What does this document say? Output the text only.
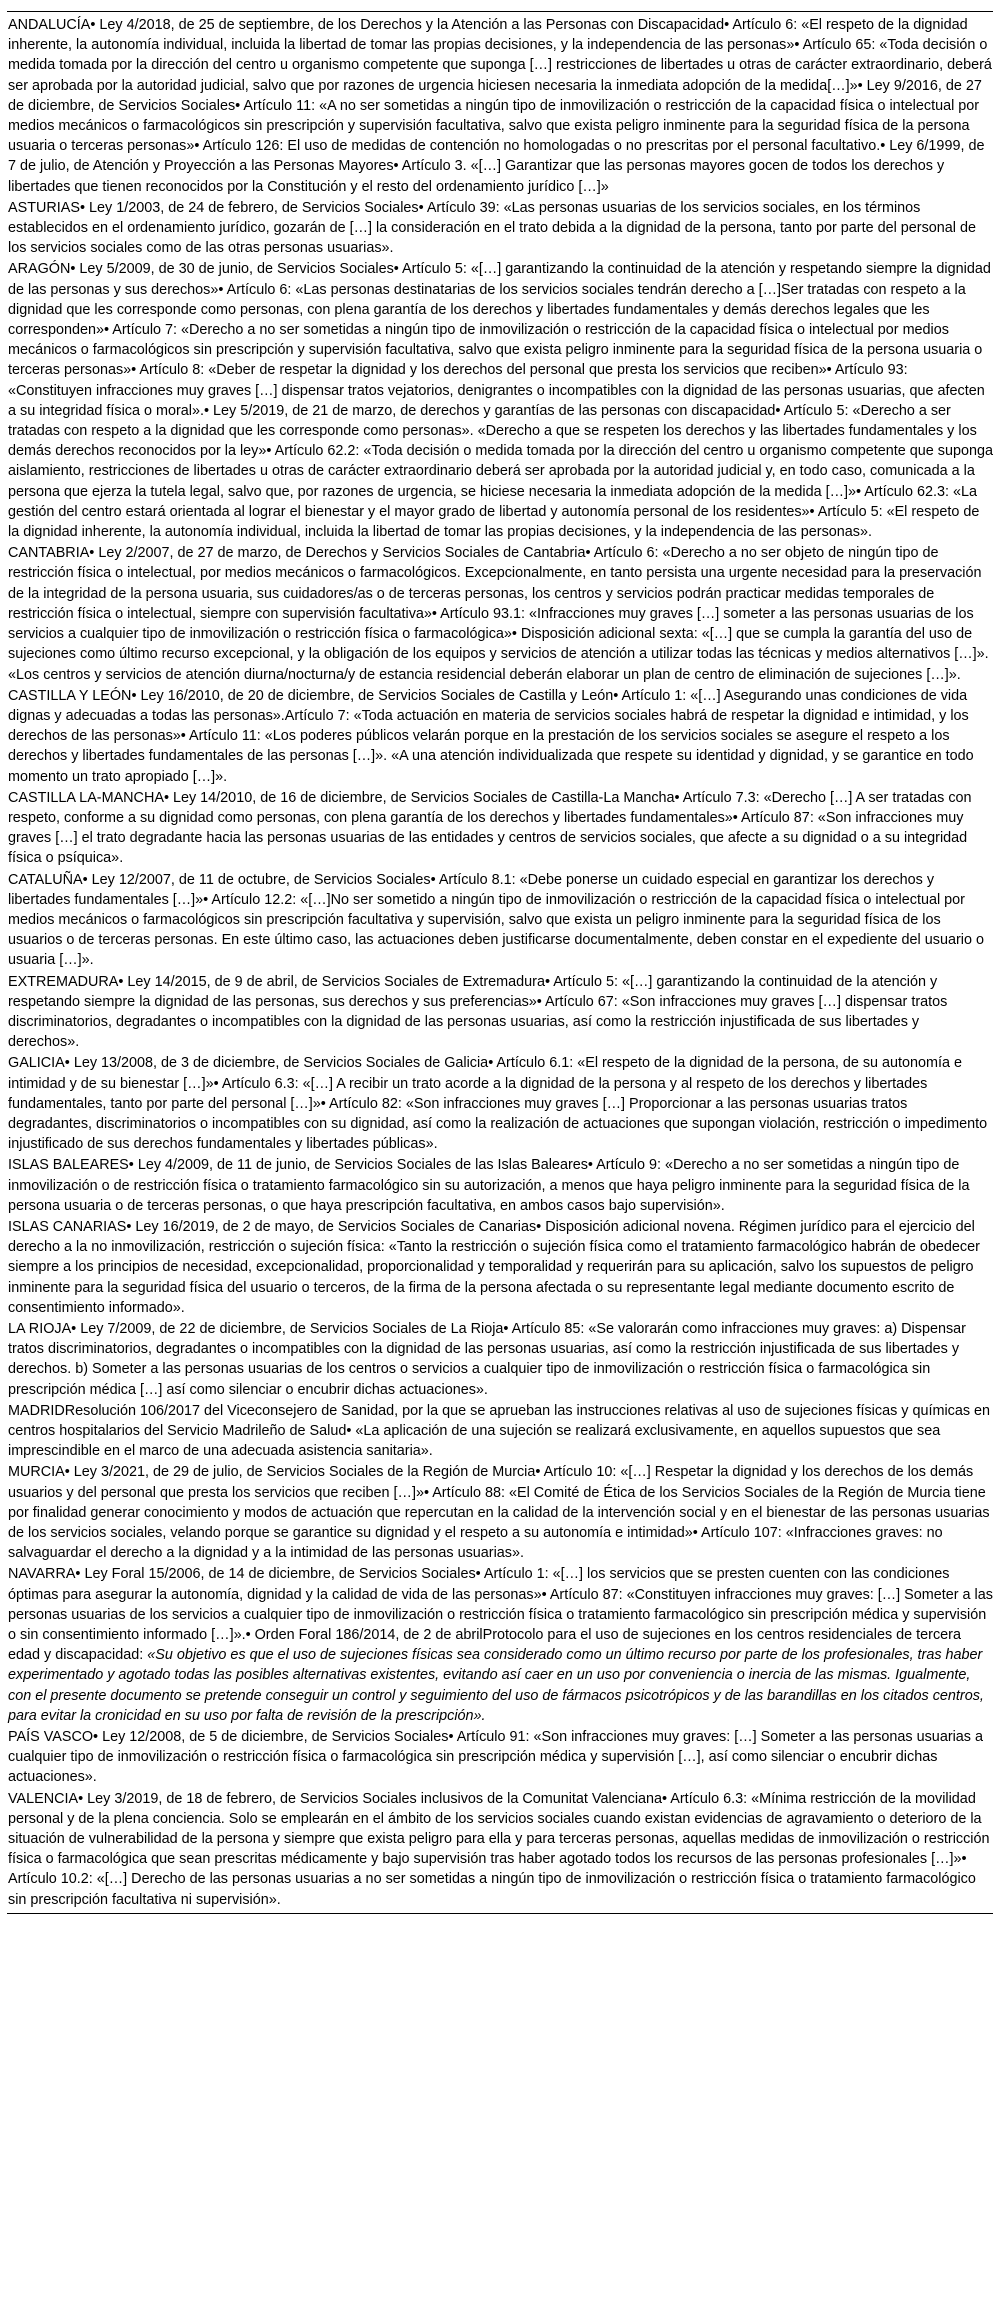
ANDALUCÍA• Ley 4/2018, de 25 de septiembre, de los Derechos y la Atención a las Personas con Discapacidad• Artículo 6: «El respeto de la dignidad inherente, la autonomía individual, incluida la libertad de tomar las propias decisiones, y la independencia de las personas»• Artículo 65: «Toda decisión o medida tomada por la dirección del centro u organismo competente que suponga […] restricciones de libertades u otras de carácter extraordinario, deberá ser aprobada por la autoridad judicial, salvo que por razones de urgencia hiciesen necesaria la inmediata adopción de la medida[…]»• Ley 9/2016, de 27 de diciembre, de Servicios Sociales• Artículo 11: «A no ser sometidas a ningún tipo de inmovilización o restricción de la capacidad física o intelectual por medios mecánicos o farmacológicos sin prescripción y supervisión facultativa, salvo que exista peligro inminente para la seguridad física de la persona usuaria o terceras personas»• Artículo 126: El uso de medidas de contención no homologadas o no prescritas por el personal facultativo.• Ley 6/1999, de 7 de julio, de Atención y Proyección a las Personas Mayores• Artículo 3. «[…] Garantizar que las personas mayores gocen de todos los derechos y libertades que tienen reconocidos por la Constitución y el resto del ordenamiento jurídico […]»

ASTURIAS• Ley 1/2003, de 24 de febrero, de Servicios Sociales• Artículo 39: «Las personas usuarias de los servicios sociales, en los términos establecidos en el ordenamiento jurídico, gozarán de […] la consideración en el trato debida a la dignidad de la persona, tanto por parte del personal de los servicios sociales como de las otras personas usuarias».

ARAGÓN• Ley 5/2009, de 30 de junio, de Servicios Sociales• Artículo 5: «[…] garantizando la continuidad de la atención y respetando siempre la dignidad de las personas y sus derechos»• Artículo 6: «Las personas destinatarias de los servicios sociales tendrán derecho a […]Ser tratadas con respeto a la dignidad que les corresponde como personas, con plena garantía de los derechos y libertades fundamentales y demás derechos legales que les corresponden»• Artículo 7: «Derecho a no ser sometidas a ningún tipo de inmovilización o restricción de la capacidad física o intelectual por medios mecánicos o farmacológicos sin prescripción y supervisión facultativa, salvo que exista peligro inminente para la seguridad física de la persona usuaria o terceras personas»• Artículo 8: «Deber de respetar la dignidad y los derechos del personal que presta los servicios que reciben»• Artículo 93: «Constituyen infracciones muy graves […] dispensar tratos vejatorios, denigrantes o incompatibles con la dignidad de las personas usuarias, que afecten a su integridad física o moral».• Ley 5/2019, de 21 de marzo, de derechos y garantías de las personas con discapacidad• Artículo 5: «Derecho a ser tratadas con respeto a la dignidad que les corresponde como personas». «Derecho a que se respeten los derechos y las libertades fundamentales y los demás derechos reconocidos por la ley»• Artículo 62.2: «Toda decisión o medida tomada por la dirección del centro u organismo competente que suponga aislamiento, restricciones de libertades u otras de carácter extraordinario deberá ser aprobada por la autoridad judicial y, en todo caso, comunicada a la persona que ejerza la tutela legal, salvo que, por razones de urgencia, se hiciese necesaria la inmediata adopción de la medida […]»• Artículo 62.3: «La gestión del centro estará orientada al lograr el bienestar y el mayor grado de libertad y autonomía personal de los residentes»• Artículo 5: «El respeto de la dignidad inherente, la autonomía individual, incluida la libertad de tomar las propias decisiones, y la independencia de las personas».

CANTABRIA• Ley 2/2007, de 27 de marzo, de Derechos y Servicios Sociales de Cantabria• Artículo 6: «Derecho a no ser objeto de ningún tipo de restricción física o intelectual, por medios mecánicos o farmacológicos. Excepcionalmente, en tanto persista una urgente necesidad para la preservación de la integridad de la persona usuaria, sus cuidadores/as o de terceras personas, los centros y servicios podrán practicar medidas temporales de restricción física o intelectual, siempre con supervisión facultativa»• Artículo 93.1: «Infracciones muy graves […] someter a las personas usuarias de los servicios a cualquier tipo de inmovilización o restricción física o farmacológica»• Disposición adicional sexta: «[…] que se cumpla la garantía del uso de sujeciones como último recurso excepcional, y la obligación de los equipos y servicios de atención a utilizar todas las técnicas y medios alternativos […]». «Los centros y servicios de atención diurna/nocturna/y de estancia residencial deberán elaborar un plan de centro de eliminación de sujeciones […]».

CASTILLA Y LEÓN• Ley 16/2010, de 20 de diciembre, de Servicios Sociales de Castilla y León• Artículo 1: «[…] Asegurando unas condiciones de vida dignas y adecuadas a todas las personas».Artículo 7: «Toda actuación en materia de servicios sociales habrá de respetar la dignidad e intimidad, y los derechos de las personas»• Artículo 11: «Los poderes públicos velarán porque en la prestación de los servicios sociales se asegure el respeto a los derechos y libertades fundamentales de las personas […]». «A una atención individualizada que respete su identidad y dignidad, y se garantice en todo momento un trato apropiado […]».

CASTILLA LA-MANCHA• Ley 14/2010, de 16 de diciembre, de Servicios Sociales de Castilla-La Mancha• Artículo 7.3: «Derecho […] A ser tratadas con respeto, conforme a su dignidad como personas, con plena garantía de los derechos y libertades fundamentales»• Artículo 87: «Son infracciones muy graves […] el trato degradante hacia las personas usuarias de las entidades y centros de servicios sociales, que afecte a su dignidad o a su integridad física o psíquica».

CATALUÑA• Ley 12/2007, de 11 de octubre, de Servicios Sociales• Artículo 8.1: «Debe ponerse un cuidado especial en garantizar los derechos y libertades fundamentales […]»• Artículo 12.2: «[…]No ser sometido a ningún tipo de inmovilización o restricción de la capacidad física o intelectual por medios mecánicos o farmacológicos sin prescripción facultativa y supervisión, salvo que exista un peligro inminente para la seguridad física de los usuarios o de terceras personas. En este último caso, las actuaciones deben justificarse documentalmente, deben constar en el expediente del usuario o usuaria […]».

EXTREMADURA• Ley 14/2015, de 9 de abril, de Servicios Sociales de Extremadura• Artículo 5: «[…] garantizando la continuidad de la atención y respetando siempre la dignidad de las personas, sus derechos y sus preferencias»• Artículo 67: «Son infracciones muy graves […] dispensar tratos discriminatorios, degradantes o incompatibles con la dignidad de las personas usuarias, así como la restricción injustificada de sus libertades y derechos».

GALICIA• Ley 13/2008, de 3 de diciembre, de Servicios Sociales de Galicia• Artículo 6.1: «El respeto de la dignidad de la persona, de su autonomía e intimidad y de su bienestar […]»• Artículo 6.3: «[…] A recibir un trato acorde a la dignidad de la persona y al respeto de los derechos y libertades fundamentales, tanto por parte del personal […]»• Artículo 82: «Son infracciones muy graves […] Proporcionar a las personas usuarias tratos degradantes, discriminatorios o incompatibles con su dignidad, así como la realización de actuaciones que supongan violación, restricción o impedimento injustificado de sus derechos fundamentales y libertades públicas».

ISLAS BALEARES• Ley 4/2009, de 11 de junio, de Servicios Sociales de las Islas Baleares• Artículo 9: «Derecho a no ser sometidas a ningún tipo de inmovilización o de restricción física o tratamiento farmacológico sin su autorización, a menos que haya peligro inminente para la seguridad física de la persona usuaria o de terceras personas, o que haya prescripción facultativa, en ambos casos bajo supervisión».

ISLAS CANARIAS• Ley 16/2019, de 2 de mayo, de Servicios Sociales de Canarias• Disposición adicional novena. Régimen jurídico para el ejercicio del derecho a la no inmovilización, restricción o sujeción física: «Tanto la restricción o sujeción física como el tratamiento farmacológico habrán de obedecer siempre a los principios de necesidad, excepcionalidad, proporcionalidad y temporalidad y requerirán para su aplicación, salvo los supuestos de peligro inminente para la seguridad física del usuario o terceros, de la firma de la persona afectada o su representante legal mediante documento escrito de consentimiento informado».

LA RIOJA• Ley 7/2009, de 22 de diciembre, de Servicios Sociales de La Rioja• Artículo 85: «Se valorarán como infracciones muy graves: a) Dispensar tratos discriminatorios, degradantes o incompatibles con la dignidad de las personas usuarias, así como la restricción injustificada de sus libertades y derechos. b) Someter a las personas usuarias de los centros o servicios a cualquier tipo de inmovilización o restricción física o farmacológica sin prescripción médica […] así como silenciar o encubrir dichas actuaciones».

MADRIDResolución 106/2017 del Viceconsejero de Sanidad, por la que se aprueban las instrucciones relativas al uso de sujeciones físicas y químicas en centros hospitalarios del Servicio Madrileño de Salud• «La aplicación de una sujeción se realizará exclusivamente, en aquellos supuestos que sea imprescindible en el marco de una adecuada asistencia sanitaria».

MURCIA• Ley 3/2021, de 29 de julio, de Servicios Sociales de la Región de Murcia• Artículo 10: «[…] Respetar la dignidad y los derechos de los demás usuarios y del personal que presta los servicios que reciben […]»• Artículo 88: «El Comité de Ética de los Servicios Sociales de la Región de Murcia tiene por finalidad generar conocimiento y modos de actuación que repercutan en la calidad de la intervención social y en el bienestar de las personas usuarias de los servicios sociales, velando porque se garantice su dignidad y el respeto a su autonomía e intimidad»• Artículo 107: «Infracciones graves: no salvaguardar el derecho a la dignidad y a la intimidad de las personas usuarias».

NAVARRA• Ley Foral 15/2006, de 14 de diciembre, de Servicios Sociales• Artículo 1: «[…] los servicios que se presten cuenten con las condiciones óptimas para asegurar la autonomía, dignidad y la calidad de vida de las personas»• Artículo 87: «Constituyen infracciones muy graves: […] Someter a las personas usuarias de los servicios a cualquier tipo de inmovilización o restricción física o tratamiento farmacológico sin prescripción médica y supervisión o sin consentimiento informado […]».• Orden Foral 186/2014, de 2 de abrilProtocolo para el uso de sujeciones en los centros residenciales de tercera edad y discapacidad: «Su objetivo es que el uso de sujeciones físicas sea considerado como un último recurso por parte de los profesionales, tras haber experimentado y agotado todas las posibles alternativas existentes, evitando así caer en un uso por conveniencia o inercia de las mismas. Igualmente, con el presente documento se pretende conseguir un control y seguimiento del uso de fármacos psicotrópicos y de las barandillas en los citados centros, para evitar la cronicidad en su uso por falta de revisión de la prescripción».

PAÍS VASCO• Ley 12/2008, de 5 de diciembre, de Servicios Sociales• Artículo 91: «Son infracciones muy graves: […] Someter a las personas usuarias a cualquier tipo de inmovilización o restricción física o farmacológica sin prescripción médica y supervisión […], así como silenciar o encubrir dichas actuaciones».

VALENCIA• Ley 3/2019, de 18 de febrero, de Servicios Sociales inclusivos de la Comunitat Valenciana• Artículo 6.3: «Mínima restricción de la movilidad personal y de la plena conciencia. Solo se emplearán en el ámbito de los servicios sociales cuando existan evidencias de agravamiento o deterioro de la situación de vulnerabilidad de la persona y siempre que exista peligro para ella y para terceras personas, aquellas medidas de inmovilización o restricción física o farmacológica que sean prescritas médicamente y bajo supervisión tras haber agotado todos los recursos de las personas profesionales […]»• Artículo 10.2: «[…] Derecho de las personas usuarias a no ser sometidas a ningún tipo de inmovilización o restricción física o tratamiento farmacológico sin prescripción facultativa ni supervisión».
